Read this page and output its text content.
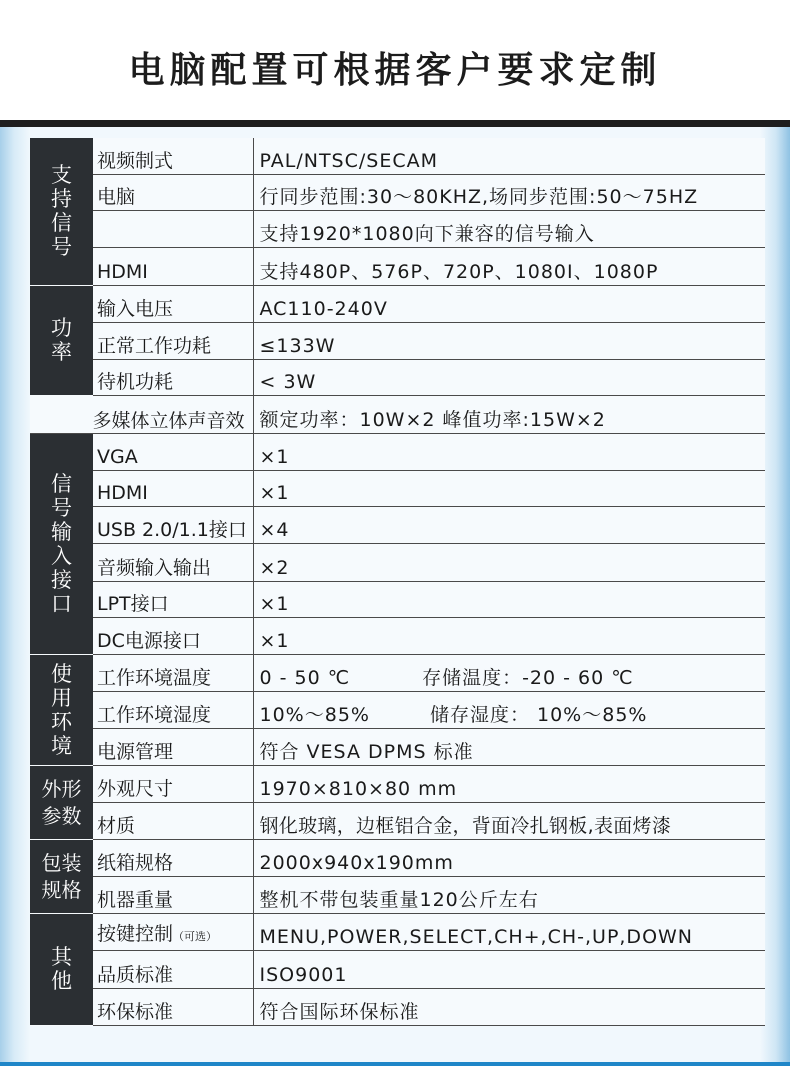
电脑配置可根据客户要求定制
支持信号	视频制式	PAL/NTSC/SECAM
	电脑	行同步范围:30～80KHZ,场同步范围:50～75HZ
		支持1920*1080向下兼容的信号输入
	HDMI	支持480P、576P、720P、1080I、1080P
功率	输入电压	AC110-240V
	正常工作功耗	≤133W
	待机功耗	< 3W
多媒体立体声音效		额定功率：10W×2 峰值功率:15W×2
信号输入接口	VGA	×1
	HDMI	×1
	USB 2.0/1.1接口	×4
	音频输入输出	×2
	LPT接口	×1
	DC电源接口	×1
使用环境	工作环境温度	0 - 50 ℃ 存储温度：-20 - 60 ℃
	工作环境湿度	10%～85% 储存湿度： 10%～85%
	电源管理	符合 VESA DPMS 标准
外形参数	外观尺寸	1970×810×80 mm
	材质	钢化玻璃，边框铝合金，背面冷扎钢板,表面烤漆
包装规格	纸箱规格	2000x940x190mm
	机器重量	整机不带包装重量120公斤左右
其他	按键控制（可选）	MENU,POWER,SELECT,CH+,CH-,UP,DOWN
	品质标准	ISO9001
	环保标准	符合国际环保标准
